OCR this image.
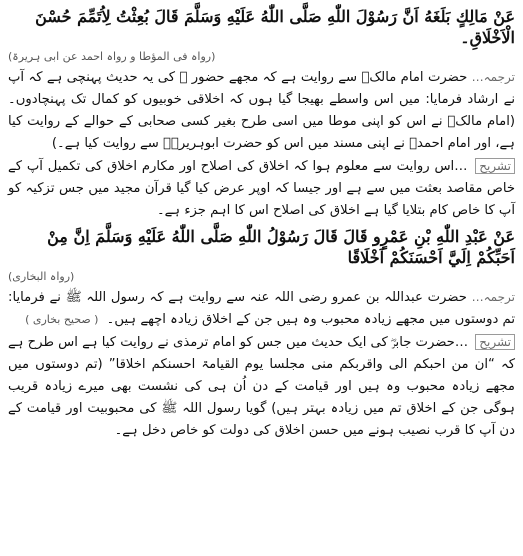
عَنْ مَالِكٍ بَلَغَهُ اَنَّ رَسُوْلَ اللّٰهِ صَلَّى اللّٰهُ عَلَيْهِ وَسَلَّمَ قَالَ بُعِثْتُ لِاُتَمِّمَ حُسْنَ الْاَخْلَاقِ۔
(رواہ فی المؤطا و رواہ احمد عن ابی ہریرۃ)

ترجمہ… حضرت امام مالکؒ سے روایت ہے کہ مجھے حضور ﷺ کی یہ حدیث پہنچی ہے کہ آپ نے ارشاد فرمایا: میں اس واسطے بھیجا گیا ہوں کہ اخلاقی خوبیوں کو کمال تک پہنچادوں۔ (امام مالکؒ نے اس کو اپنی موطا میں اسی طرح بغیر کسی صحابی کے حوالے کے روایت کیا ہے، اور امام احمدؒ نے اپنی مسند میں اس کو حضرت ابوہریرہؓ سے روایت کیا ہے۔)

تشریح …اس روایت سے معلوم ہوا کہ اخلاق کی اصلاح اور مکارم اخلاق کی تکمیل آپ کے خاص مقاصد بعثت میں سے ہے اور جیسا کہ اوپر عرض کیا گیا قرآن مجید میں جس تزکیہ کو آپ کا خاص کام بتلایا گیا ہے اخلاق کی اصلاح اس کا اہم جزء ہے۔

عَنْ عَبْدِ اللّٰهِ بْنِ عَمْرٍو قَالَ قَالَ رَسُوْلُ اللّٰهِ صَلَّى اللّٰهُ عَلَيْهِ وَسَلَّمَ اِنَّ مِنْ اَحَبِّكُمْ اِلَيَّ اَحْسَنَكُمْ اَخْلَاقًا
(رواہ البخاری)

ترجمہ… حضرت عبداللہ بن عمرو رضی اللہ عنہ سے روایت ہے کہ رسول اللہ ﷺ نے فرمایا: تم دوستوں میں مجھے زیادہ محبوب وہ ہیں جن کے اخلاق زیادہ اچھے ہیں۔ ( صحیح بخاری )

تشریح …حضرت جابرؓ کی ایک حدیث میں جس کو امام ترمذی نے روایت کیا ہے اس طرح ہے کہ “ان من احبکم الی واقربکم منی مجلسا یوم القیامۃ احسنکم اخلاقا” (تم دوستوں میں مجھے زیادہ محبوب وہ ہیں اور قیامت کے دن اُن ہی کی نشست بھی میرے زیادہ قریب ہوگی جن کے اخلاق تم میں زیادہ بہتر ہیں) گویا رسول اللہ ﷺ کی محبوبیت اور قیامت کے دن آپ کا قرب نصیب ہونے میں حسن اخلاق کی دولت کو خاص دخل ہے۔
